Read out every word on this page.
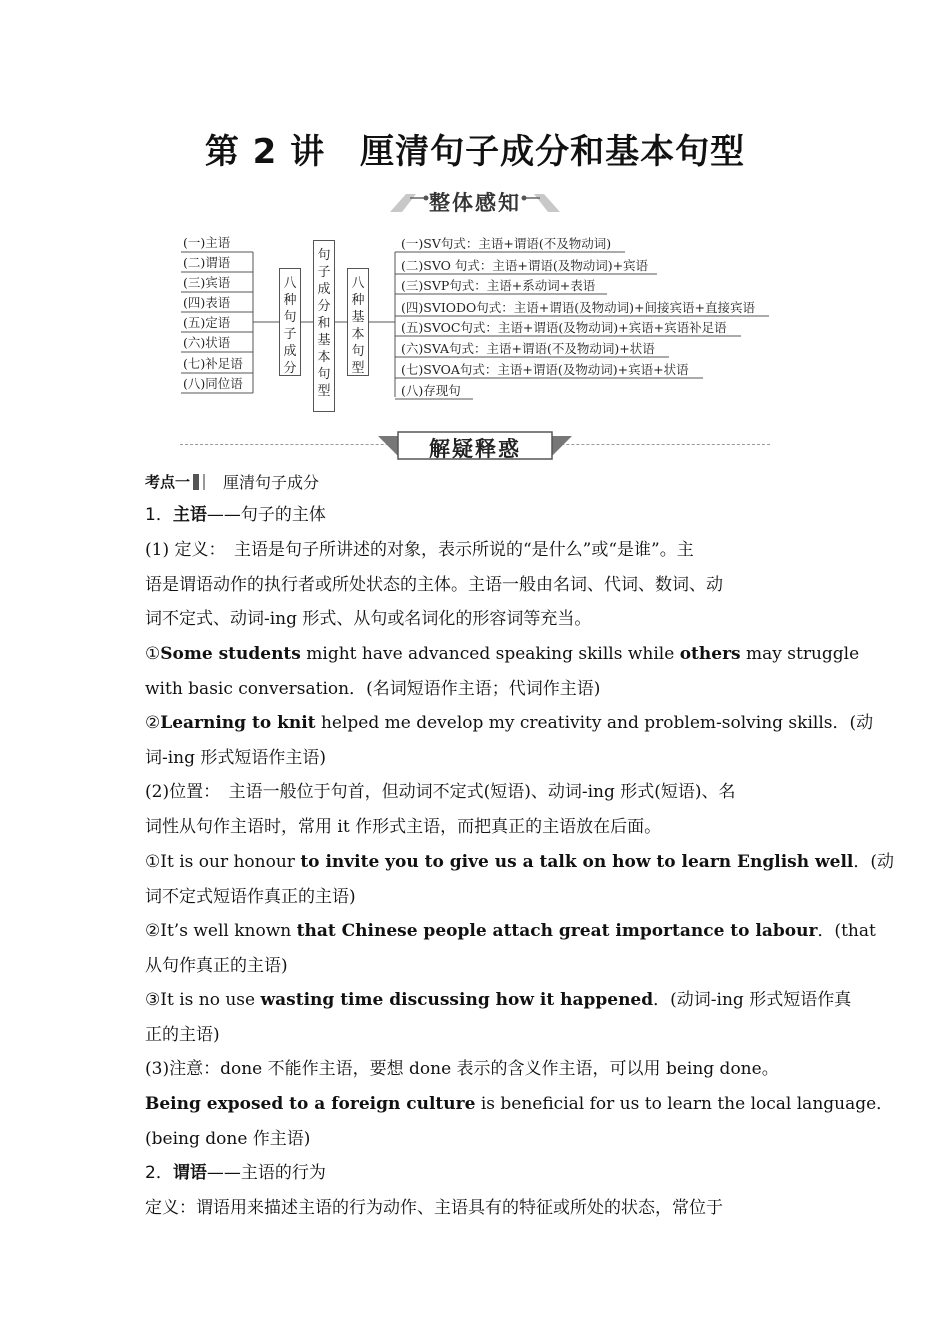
第 2 讲　厘清句子成分和基本句型
整体感知
(一)主语
(二)谓语
(三)宾语
(四)表语
(五)定语
(六)状语
(七)补足语
(八)同位语
八
种
句
子
成
分
句
子
成
分
和
基
本
句
型
八
种
基
本
句
型
(一)SV句式：主语+谓语(不及物动词)
(二)SVO 句式：主语+谓语(及物动词)+宾语
(三)SVP句式：主语+系动词+表语
(四)SVIODO句式：主语+谓语(及物动词)+间接宾语+直接宾语
(五)SVOC句式：主语+谓语(及物动词)+宾语+宾语补足语
(六)SVA句式：主语+谓语(不及物动词)+状语
(七)SVOA句式：主语+谓语(及物动词)+宾语+状语
(八)存现句
解疑释惑
考点一 厘清句子成分
1．主语——句子的主体
(1) 定义：　主语是句子所讲述的对象，表示所说的“是什么”或“是谁”。主
语是谓语动作的执行者或所处状态的主体。主语一般由名词、代词、数词、动
词不定式、动词-ing 形式、从句或名词化的形容词等充当。
①Some students might have advanced speaking skills while others may struggle
with basic conversation．(名词短语作主语；代词作主语)
②Learning to knit helped me develop my creativity and problem-solving skills．(动
词-ing 形式短语作主语)
(2)位置：　主语一般位于句首，但动词不定式(短语)、动词-ing 形式(短语)、名
词性从句作主语时，常用 it 作形式主语，而把真正的主语放在后面。
①It is our honour to invite you to give us a talk on how to learn English well．(动
词不定式短语作真正的主语)
②It’s well known that Chinese people attach great importance to labour．(that
从句作真正的主语)
③It is no use wasting time discussing how it happened．(动词-ing 形式短语作真
正的主语)
(3)注意：done 不能作主语，要想 done 表示的含义作主语，可以用 being done。
Being exposed to a foreign culture is beneficial for us to learn the local language．
(being done 作主语)
2．谓语——主语的行为
定义：谓语用来描述主语的行为动作、主语具有的特征或所处的状态，常位于
